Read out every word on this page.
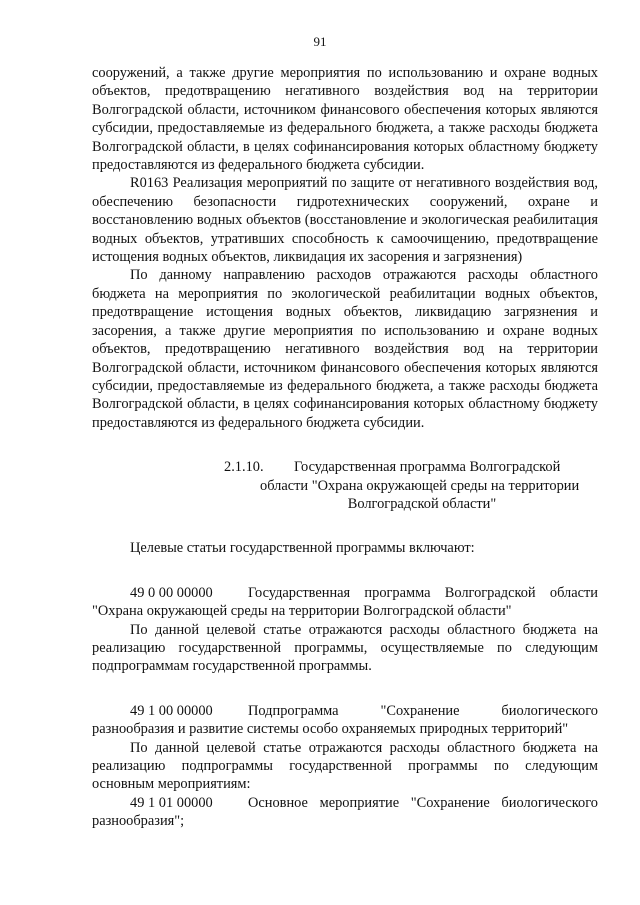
91

сооружений, а также другие мероприятия по использованию и охране водных объектов, предотвращению негативного воздействия вод на территории Волгоградской области, источником финансового обеспечения которых являются субсидии, предоставляемые из федерального бюджета, а также расходы бюджета Волгоградской области, в целях софинансирования которых областному бюджету предоставляются из федерального бюджета субсидии.

R0163 Реализация мероприятий по защите от негативного воздействия вод, обеспечению безопасности гидротехнических сооружений, охране и восстановлению водных объектов (восстановление и экологическая реабилитация водных объектов, утративших способность к самоочищению, предотвращение истощения водных объектов, ликвидация их засорения и загрязнения)

По данному направлению расходов отражаются расходы областного бюджета на мероприятия по экологической реабилитации водных объектов, предотвращение истощения водных объектов, ликвидацию загрязнения и засорения, а также другие мероприятия по использованию и охране водных объектов, предотвращению негативного воздействия вод на территории Волгоградской области, источником финансового обеспечения которых являются субсидии, предоставляемые из федерального бюджета, а также расходы бюджета Волгоградской области, в целях софинансирования которых областному бюджету предоставляются из федерального бюджета субсидии.

2.1.10. Государственная программа Волгоградской
области "Охрана окружающей среды на территории
Волгоградской области"

Целевые статьи государственной программы включают:

49 0 00 00000 Государственная программа Волгоградской области "Охрана окружающей среды на территории Волгоградской области"

По данной целевой статье отражаются расходы областного бюджета на реализацию государственной программы, осуществляемые по следующим подпрограммам государственной программы.

49 1 00 00000 Подпрограмма "Сохранение биологического разнообразия и развитие системы особо охраняемых природных территорий"

По данной целевой статье отражаются расходы областного бюджета на реализацию подпрограммы государственной программы по следующим основным мероприятиям:

49 1 01 00000 Основное мероприятие "Сохранение биологического разнообразия";
